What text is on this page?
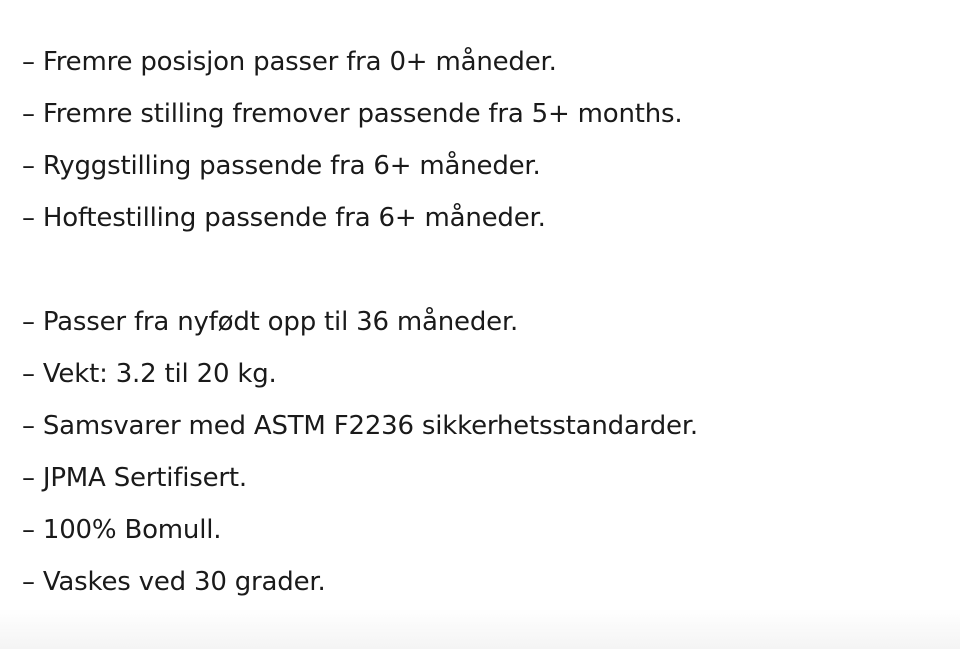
– Fremre posisjon passer fra 0+ måneder.
– Fremre stilling fremover passende fra 5+ months.
– Ryggstilling passende fra 6+ måneder.
– Hoftestilling passende fra 6+ måneder.
– Passer fra nyfødt opp til 36 måneder.
– Vekt: 3.2 til 20 kg.
– Samsvarer med ASTM F2236 sikkerhetsstandarder.
– JPMA Sertifisert.
– 100% Bomull.
– Vaskes ved 30 grader.
